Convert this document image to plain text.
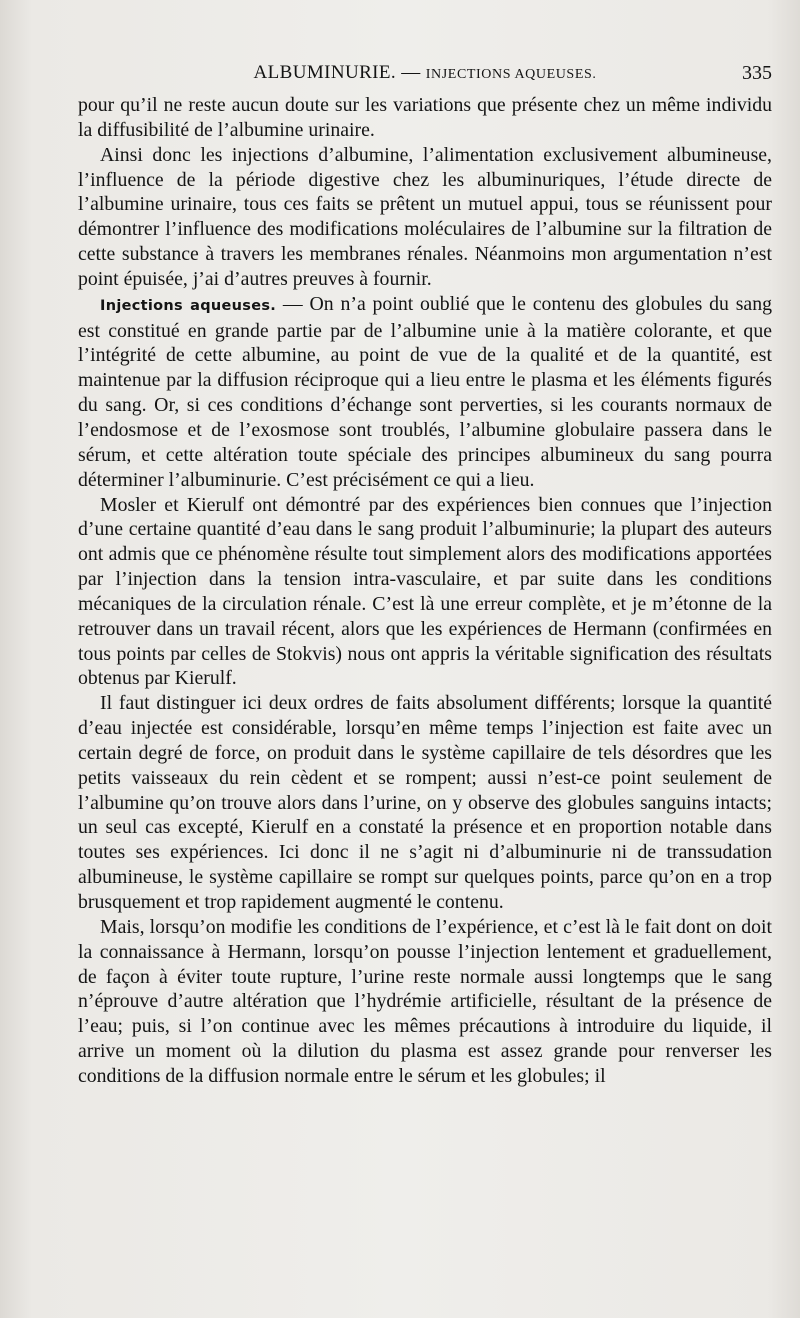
ALBUMINURIE. — INJECTIONS AQUEUSES.	335

pour qu’il ne reste aucun doute sur les variations que présente chez un même individu la diffusibilité de l’albumine urinaire.

Ainsi donc les injections d’albumine, l’alimentation exclusivement albumineuse, l’influence de la période digestive chez les albuminuriques, l’étude directe de l’albumine urinaire, tous ces faits se prêtent un mutuel appui, tous se réunissent pour démontrer l’influence des modifications moléculaires de l’albumine sur la filtration de cette substance à travers les membranes rénales. Néanmoins mon argumentation n’est point épuisée, j’ai d’autres preuves à fournir.

Injections aqueuses. — On n’a point oublié que le contenu des globules du sang est constitué en grande partie par de l’albumine unie à la matière colorante, et que l’intégrité de cette albumine, au point de vue de la qualité et de la quantité, est maintenue par la diffusion réciproque qui a lieu entre le plasma et les éléments figurés du sang. Or, si ces conditions d’échange sont perverties, si les courants normaux de l’endosmose et de l’exosmose sont troublés, l’albumine globulaire passera dans le sérum, et cette altération toute spéciale des principes albumineux du sang pourra déterminer l’albuminurie. C’est précisément ce qui a lieu.

Mosler et Kierulf ont démontré par des expériences bien connues que l’injection d’une certaine quantité d’eau dans le sang produit l’albuminurie; la plupart des auteurs ont admis que ce phénomène résulte tout simplement alors des modifications apportées par l’injection dans la tension intra-vasculaire, et par suite dans les conditions mécaniques de la circulation rénale. C’est là une erreur complète, et je m’étonne de la retrouver dans un travail récent, alors que les expériences de Hermann (confirmées en tous points par celles de Stokvis) nous ont appris la véritable signification des résultats obtenus par Kierulf.

Il faut distinguer ici deux ordres de faits absolument différents; lorsque la quantité d’eau injectée est considérable, lorsqu’en même temps l’injection est faite avec un certain degré de force, on produit dans le système capillaire de tels désordres que les petits vaisseaux du rein cèdent et se rompent; aussi n’est-ce point seulement de l’albumine qu’on trouve alors dans l’urine, on y observe des globules sanguins intacts; un seul cas excepté, Kierulf en a constaté la présence et en proportion notable dans toutes ses expériences. Ici donc il ne s’agit ni d’albuminurie ni de transsudation albumineuse, le système capillaire se rompt sur quelques points, parce qu’on en a trop brusquement et trop rapidement augmenté le contenu.

Mais, lorsqu’on modifie les conditions de l’expérience, et c’est là le fait dont on doit la connaissance à Hermann, lorsqu’on pousse l’injection lentement et graduellement, de façon à éviter toute rupture, l’urine reste normale aussi longtemps que le sang n’éprouve d’autre altération que l’hydrémie artificielle, résultant de la présence de l’eau; puis, si l’on continue avec les mêmes précautions à introduire du liquide, il arrive un moment où la dilution du plasma est assez grande pour renverser les conditions de la diffusion normale entre le sérum et les globules; il
